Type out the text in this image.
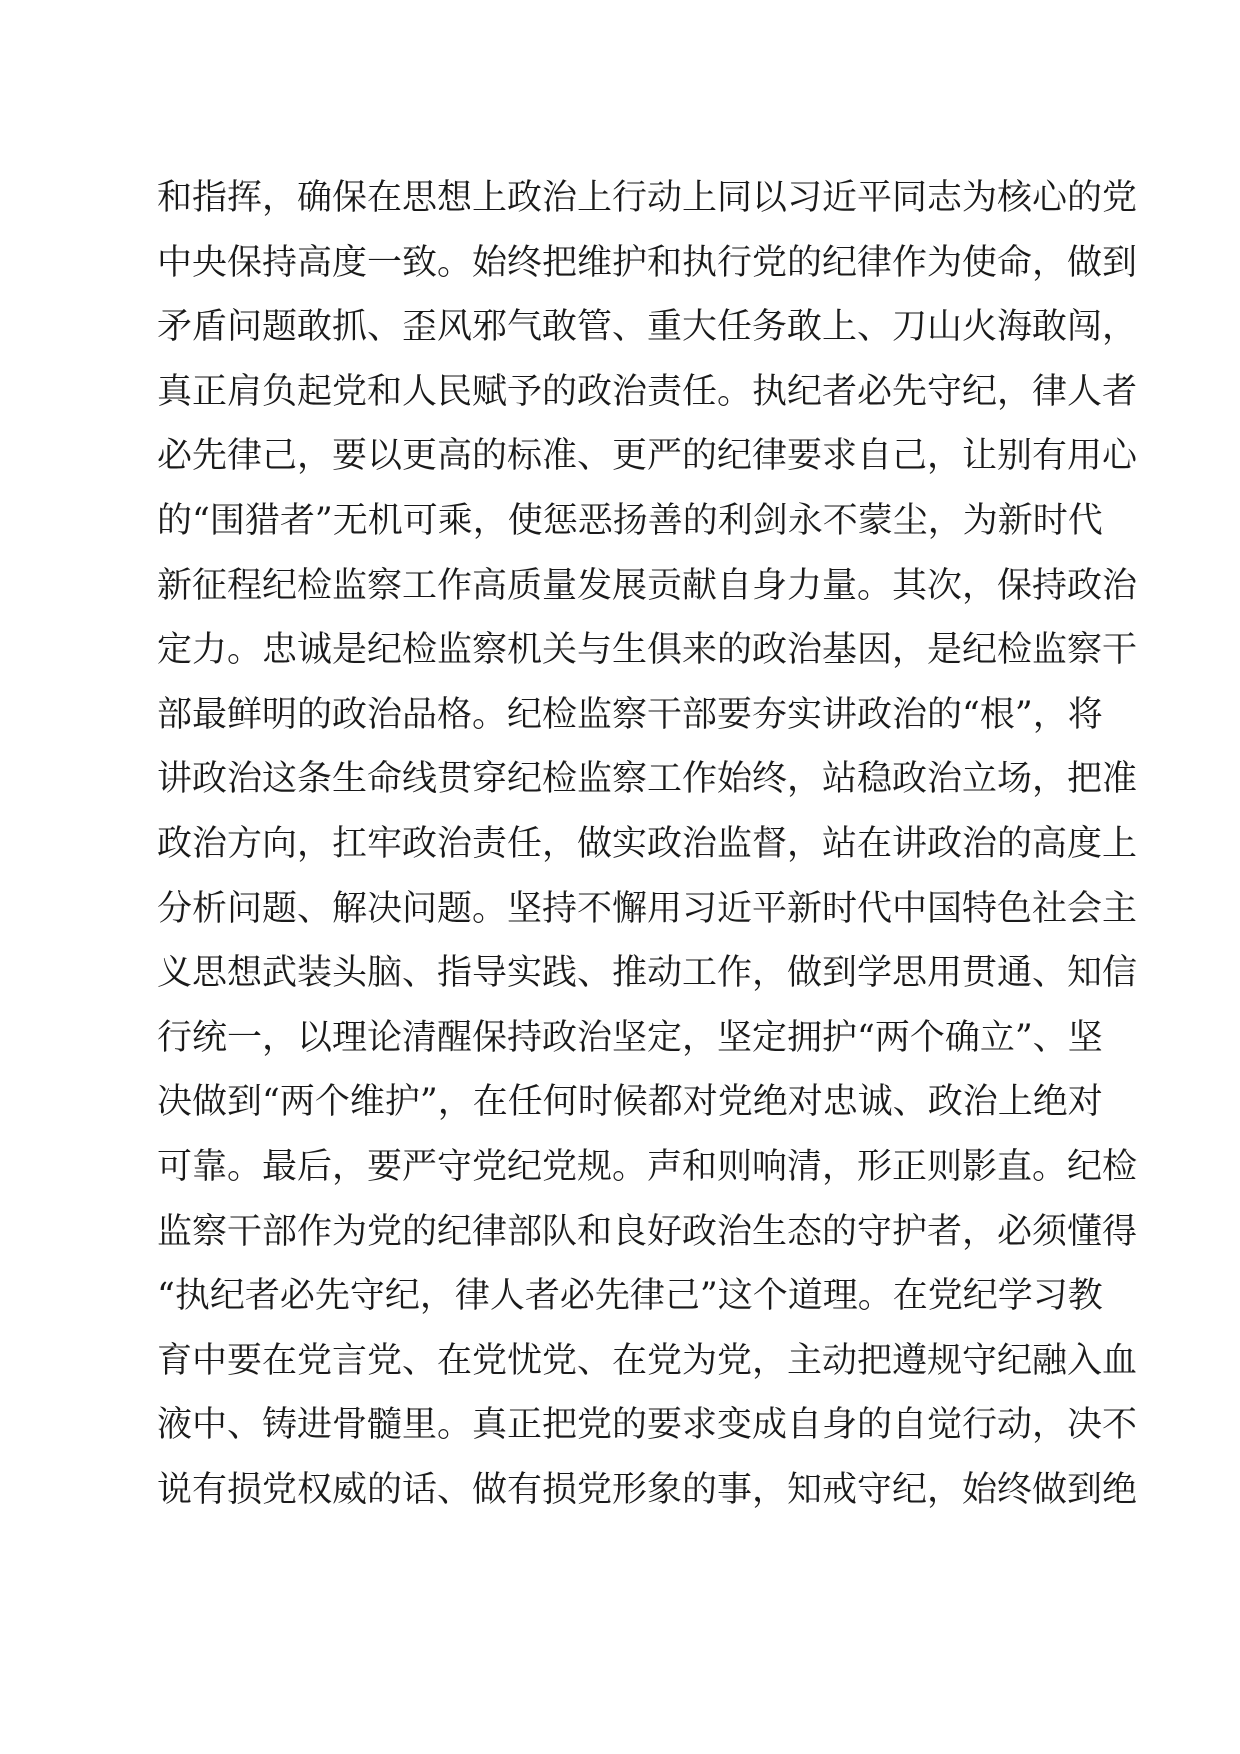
和指挥，确保在思想上政治上行动上同以习近平同志为核心的党
中央保持高度一致。始终把维护和执行党的纪律作为使命，做到
矛盾问题敢抓、歪风邪气敢管、重大任务敢上、刀山火海敢闯，
真正肩负起党和人民赋予的政治责任。执纪者必先守纪，律人者
必先律己，要以更高的标准、更严的纪律要求自己，让别有用心
的“围猎者”无机可乘，使惩恶扬善的利剑永不蒙尘，为新时代
新征程纪检监察工作高质量发展贡献自身力量。其次，保持政治
定力。忠诚是纪检监察机关与生俱来的政治基因，是纪检监察干
部最鲜明的政治品格。纪检监察干部要夯实讲政治的“根”，将
讲政治这条生命线贯穿纪检监察工作始终，站稳政治立场，把准
政治方向，扛牢政治责任，做实政治监督，站在讲政治的高度上
分析问题、解决问题。坚持不懈用习近平新时代中国特色社会主
义思想武装头脑、指导实践、推动工作，做到学思用贯通、知信
行统一，以理论清醒保持政治坚定，坚定拥护“两个确立”、坚
决做到“两个维护”，在任何时候都对党绝对忠诚、政治上绝对
可靠。最后，要严守党纪党规。声和则响清，形正则影直。纪检
监察干部作为党的纪律部队和良好政治生态的守护者，必须懂得
“执纪者必先守纪，律人者必先律己”这个道理。在党纪学习教
育中要在党言党、在党忧党、在党为党，主动把遵规守纪融入血
液中、铸进骨髓里。真正把党的要求变成自身的自觉行动，决不
说有损党权威的话、做有损党形象的事，知戒守纪，始终做到绝
